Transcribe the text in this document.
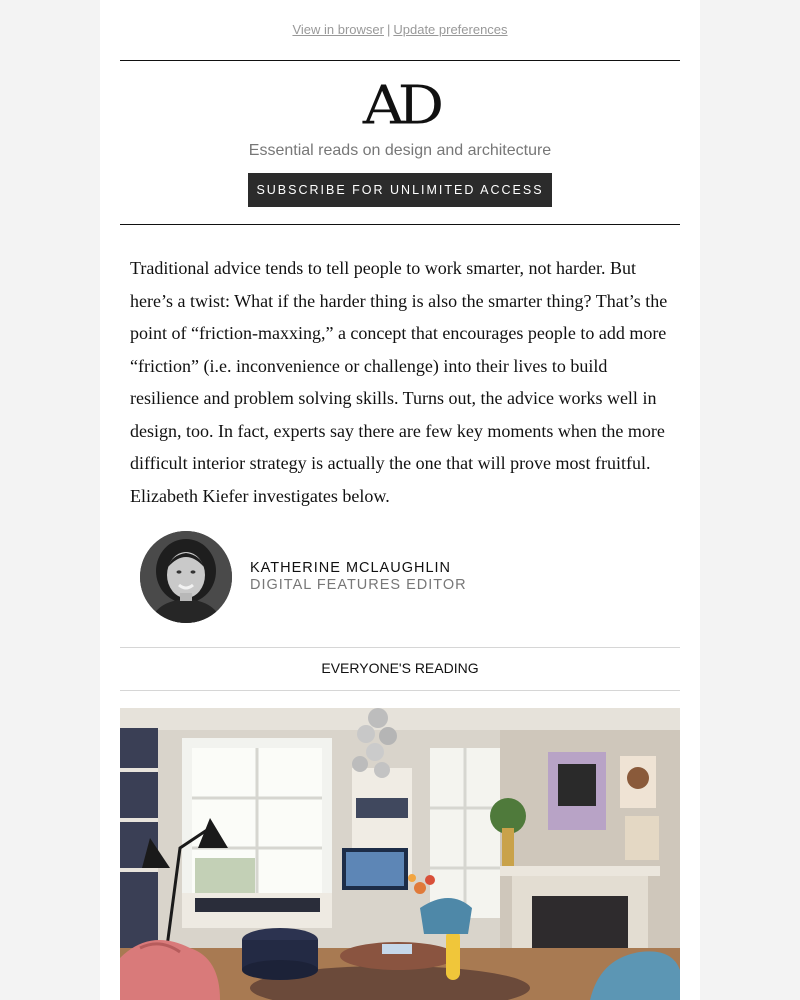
View in browser | Update preferences
AD
Essential reads on design and architecture
SUBSCRIBE FOR UNLIMITED ACCESS

Traditional advice tends to tell people to work smarter, not harder. But here’s a twist: What if the harder thing is also the smarter thing? That’s the point of “friction-maxxing,” a concept that encourages people to add more “friction” (i.e. inconvenience or challenge) into their lives to build resilience and problem solving skills. Turns out, the advice works well in design, too. In fact, experts say there are few key moments when the more difficult interior strategy is actually the one that will prove most fruitful. Elizabeth Kiefer investigates below.

KATHERINE MCLAUGHLIN
DIGITAL FEATURES EDITOR
EVERYONE'S READING
